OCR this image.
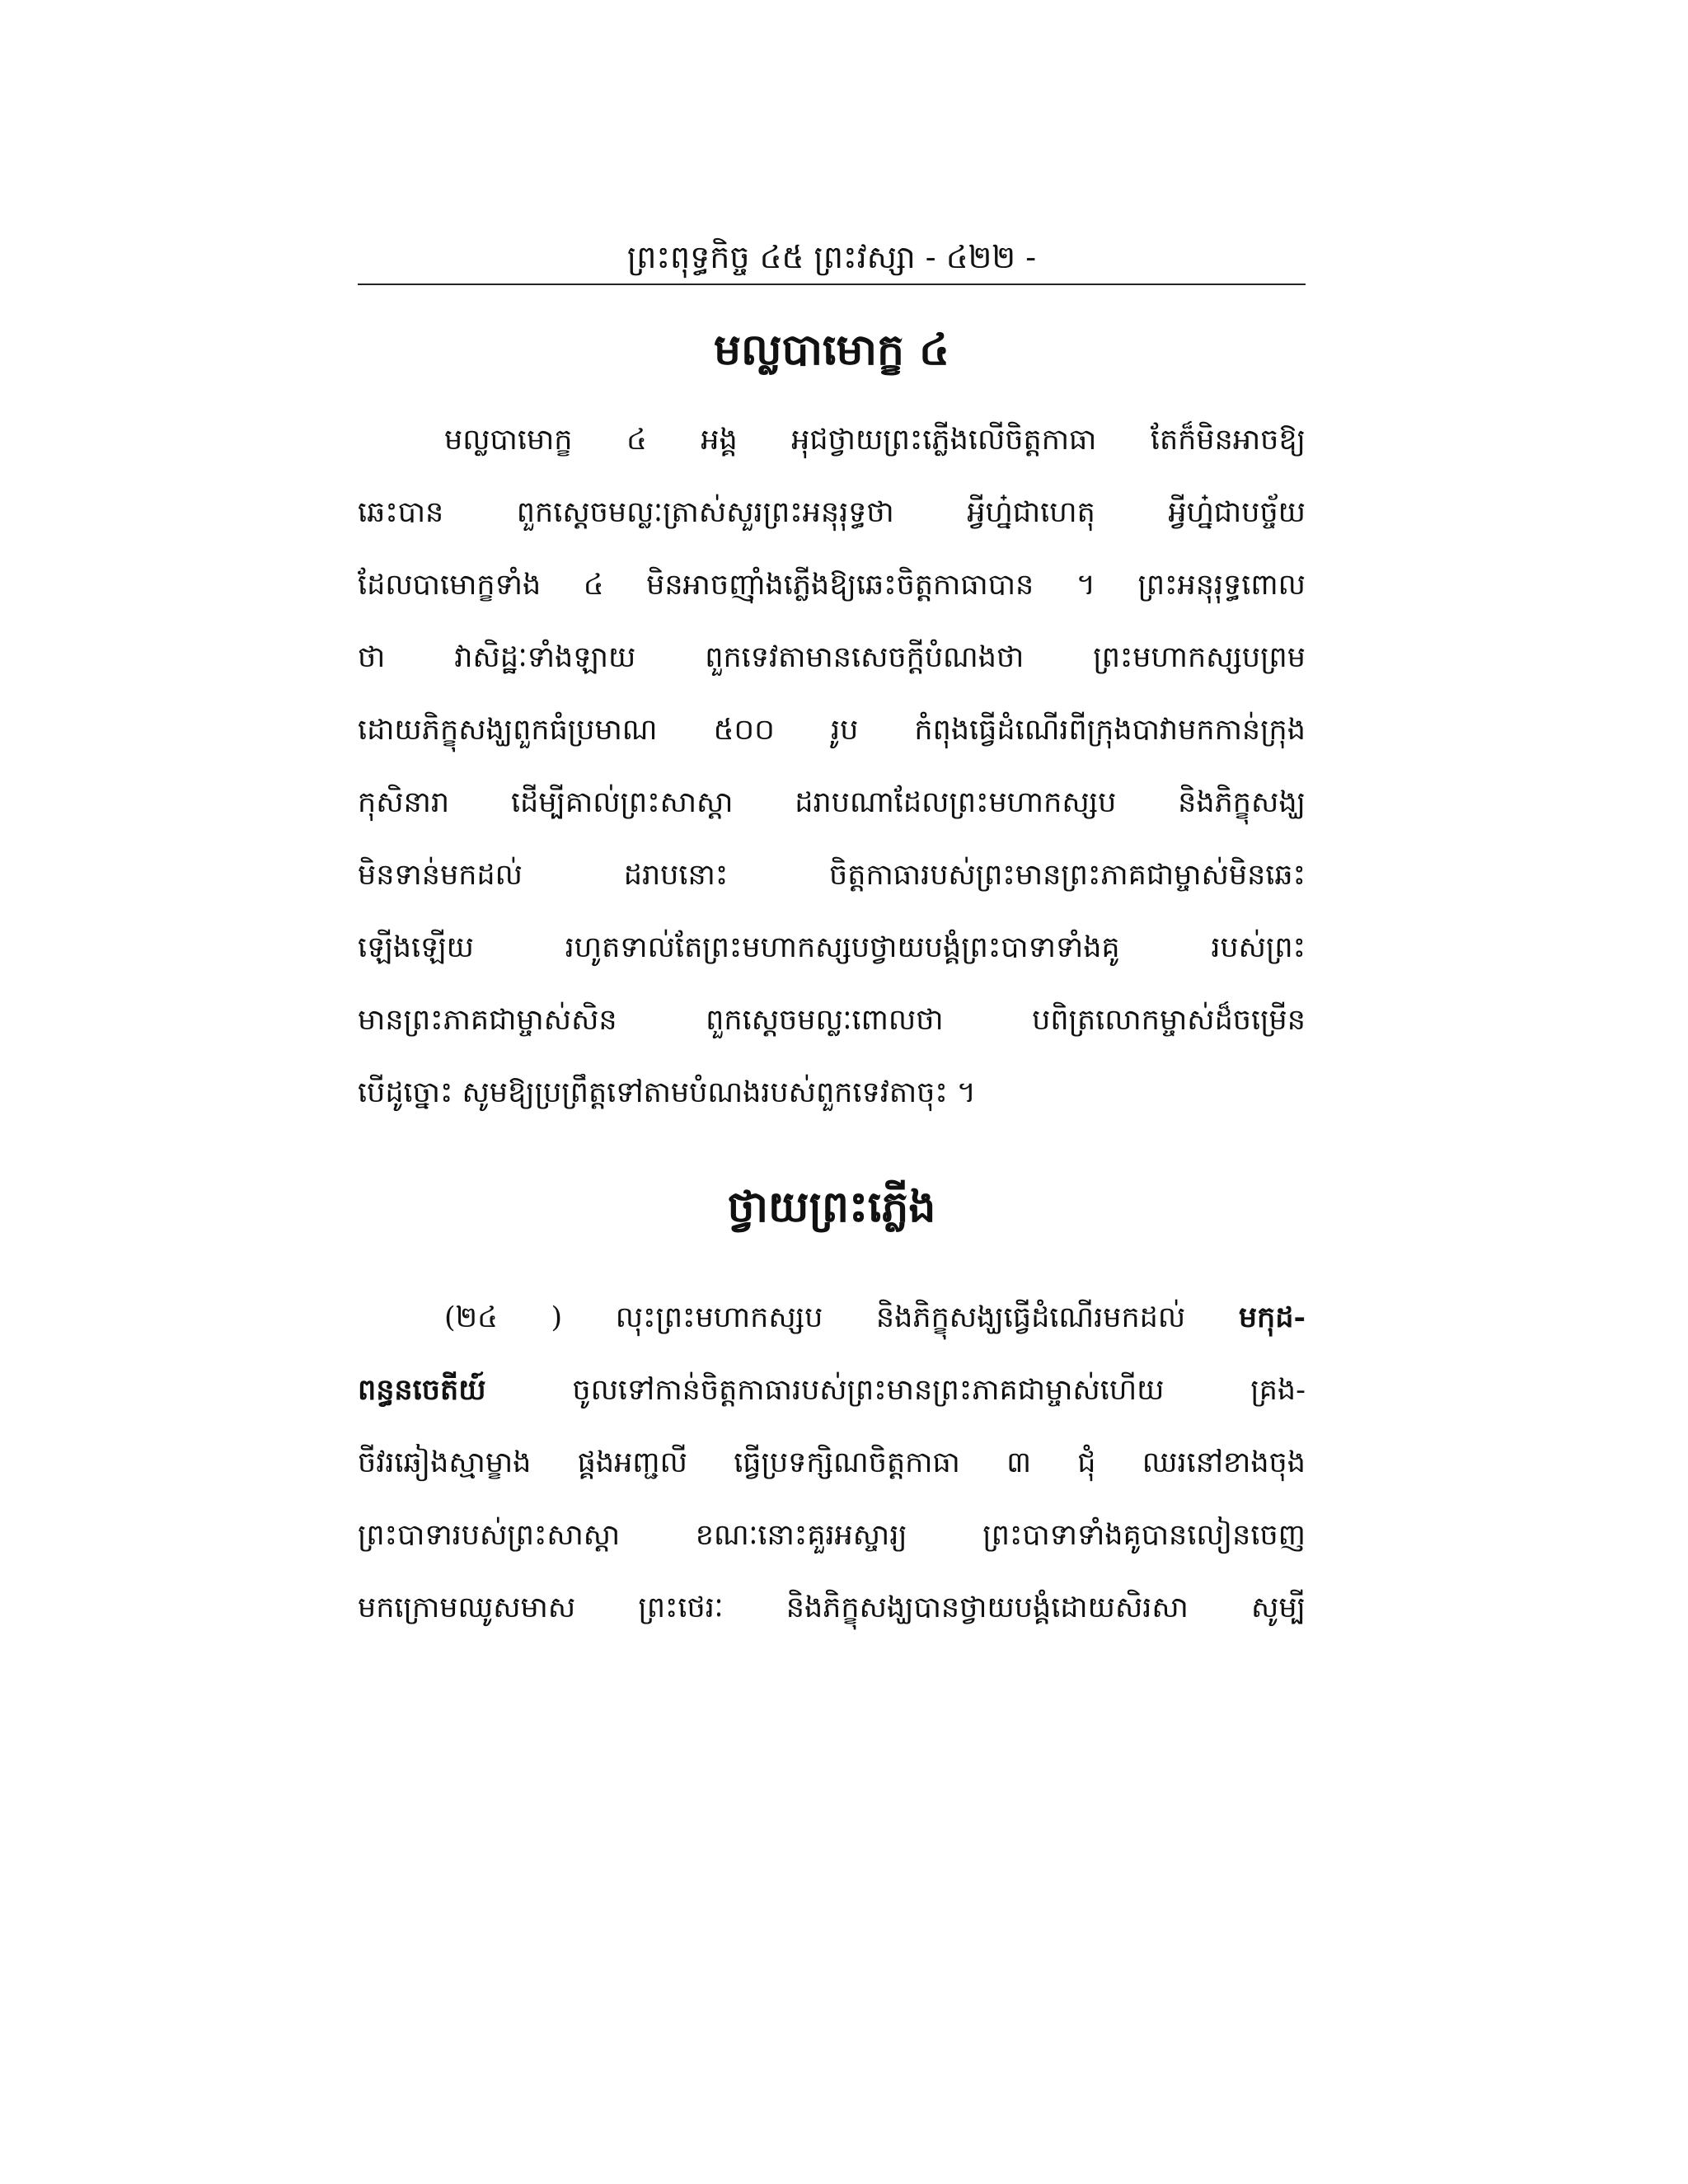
ព្រះពុទ្ធកិច្ច ៤៥ ព្រះវស្សា - ៤២២ -
មល្លបាមោក្ខ ៤
មល្លបាមោក្ខ ៤ អង្គ អុជថ្វាយព្រះភ្លើងលើចិត្តកាធា តែក៏មិនអាចឱ្យ
ឆេះបាន ពួកស្តេចមល្លៈត្រាស់សួរព្រះអនុរុទ្ធថា អ្វីហ្ន៎ជាហេតុ អ្វីហ្ន៎ជាបច្ច័យ
ដែលបាមោក្ខទាំង ៤ មិនអាចញ៉ាំងភ្លើងឱ្យឆេះចិត្តកាធាបាន ។ ព្រះអនុរុទ្ធពោល
ថា វាសិដ្ឋៈទាំងឡាយ ពួកទេវតាមានសេចក្តីបំណងថា ព្រះមហាកស្សបព្រម
ដោយភិក្ខុសង្ឃពួកធំប្រមាណ ៥០០ រូប កំពុងធ្វើដំណើរពីក្រុងបាវាមកកាន់ក្រុង
កុសិនារា ដើម្បីគាល់ព្រះសាស្តា ដរាបណាដែលព្រះមហាកស្សប និងភិក្ខុសង្ឃ
មិនទាន់មកដល់ ដរាបនោះ ចិត្តកាធារបស់ព្រះមានព្រះភាគជាម្ចាស់មិនឆេះ
ឡើងឡើយ រហូតទាល់តែព្រះមហាកស្សបថ្វាយបង្គំព្រះបាទាទាំងគូ របស់ព្រះ
មានព្រះភាគជាម្ចាស់សិន ពួកស្តេចមល្លៈពោលថា បពិត្រលោកម្ចាស់ដ៏ចម្រើន
បើដូច្នោះ សូមឱ្យប្រព្រឹត្តទៅតាមបំណងរបស់ពួកទេវតាចុះ ។
ថ្វាយព្រះភ្លើង
(២៤ ) លុះព្រះមហាកស្សប និងភិក្ខុសង្ឃធ្វើដំណើរមកដល់ មកុដ-
ពន្ធនចេតីយ៍	ចូលទៅកាន់ចិត្តកាធារបស់ព្រះមានព្រះភាគជាម្ចាស់ហើយ គ្រង-
ចីវរឆៀងស្មាម្ខាង ផ្គងអញ្ជលី ធ្វើប្រទក្សិណចិត្តកាធា ៣ ជុំ ឈរនៅខាងចុង
ព្រះបាទារបស់ព្រះសាស្តា ខណៈនោះគួរអស្ចារ្យ ព្រះបាទាទាំងគូបានលៀនចេញ
មកក្រោមឈូសមាស ព្រះថេរៈ និងភិក្ខុសង្ឃបានថ្វាយបង្គំដោយសិរសា សូម្បី
